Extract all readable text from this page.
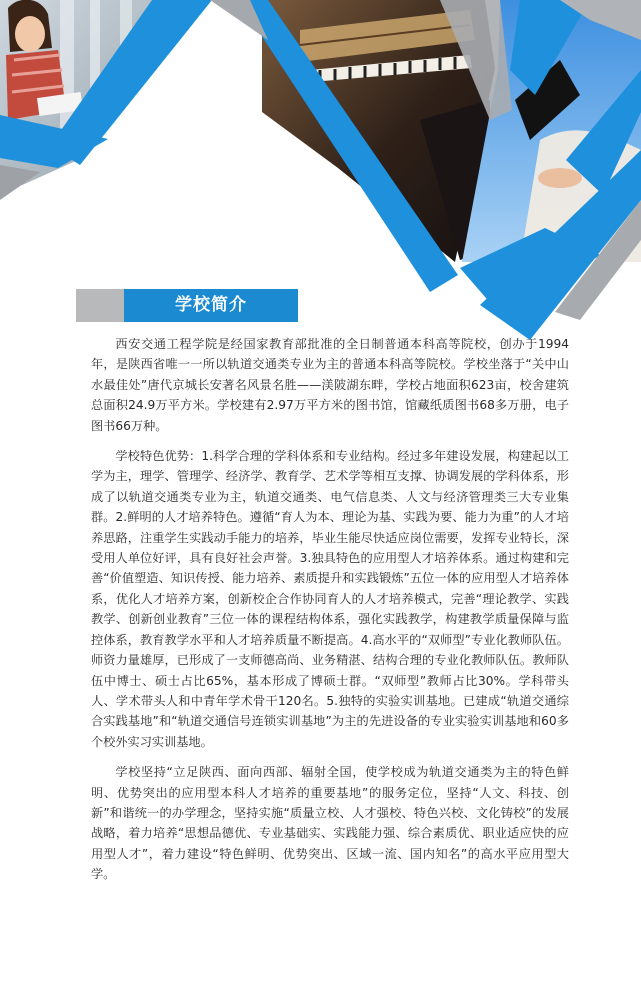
学校简介

西安交通工程学院是经国家教育部批准的全日制普通本科高等院校，创办于1994年，是陕西省唯一一所以轨道交通类专业为主的普通本科高等院校。学校坐落于“关中山水最佳处”唐代京城长安著名风景名胜——渼陂湖东畔，学校占地面积623亩，校舍建筑总面积24.9万平方米。学校建有2.97万平方米的图书馆，馆藏纸质图书68多万册，电子图书66万种。

学校特色优势：1.科学合理的学科体系和专业结构。经过多年建设发展，构建起以工学为主，理学、管理学、经济学、教育学、艺术学等相互支撑、协调发展的学科体系，形成了以轨道交通类专业为主，轨道交通类、电气信息类、人文与经济管理类三大专业集群。2.鲜明的人才培养特色。遵循“育人为本、理论为基、实践为要、能力为重”的人才培养思路，注重学生实践动手能力的培养，毕业生能尽快适应岗位需要，发挥专业特长，深受用人单位好评，具有良好社会声誉。3.独具特色的应用型人才培养体系。通过构建和完善“价值塑造、知识传授、能力培养、素质提升和实践锻炼”五位一体的应用型人才培养体系，优化人才培养方案，创新校企合作协同育人的人才培养模式，完善“理论教学、实践教学、创新创业教育”三位一体的课程结构体系，强化实践教学，构建教学质量保障与监控体系，教育教学水平和人才培养质量不断提高。4.高水平的“双师型”专业化教师队伍。师资力量雄厚，已形成了一支师德高尚、业务精湛、结构合理的专业化教师队伍。教师队伍中博士、硕士占比65%，基本形成了博硕士群。“双师型”教师占比30%。学科带头人、学术带头人和中青年学术骨干120名。5.独特的实验实训基地。已建成“轨道交通综合实践基地”和“轨道交通信号连锁实训基地”为主的先进设备的专业实验实训基地和60多个校外实习实训基地。

学校坚持“立足陕西、面向西部、辐射全国，使学校成为轨道交通类为主的特色鲜明、优势突出的应用型本科人才培养的重要基地”的服务定位，坚持“人文、科技、创新”和谐统一的办学理念，坚持实施“质量立校、人才强校、特色兴校、文化铸校”的发展战略，着力培养“思想品德优、专业基础实、实践能力强、综合素质优、职业适应快的应用型人才”，着力建设“特色鲜明、优势突出、区域一流、国内知名”的高水平应用型大学。
